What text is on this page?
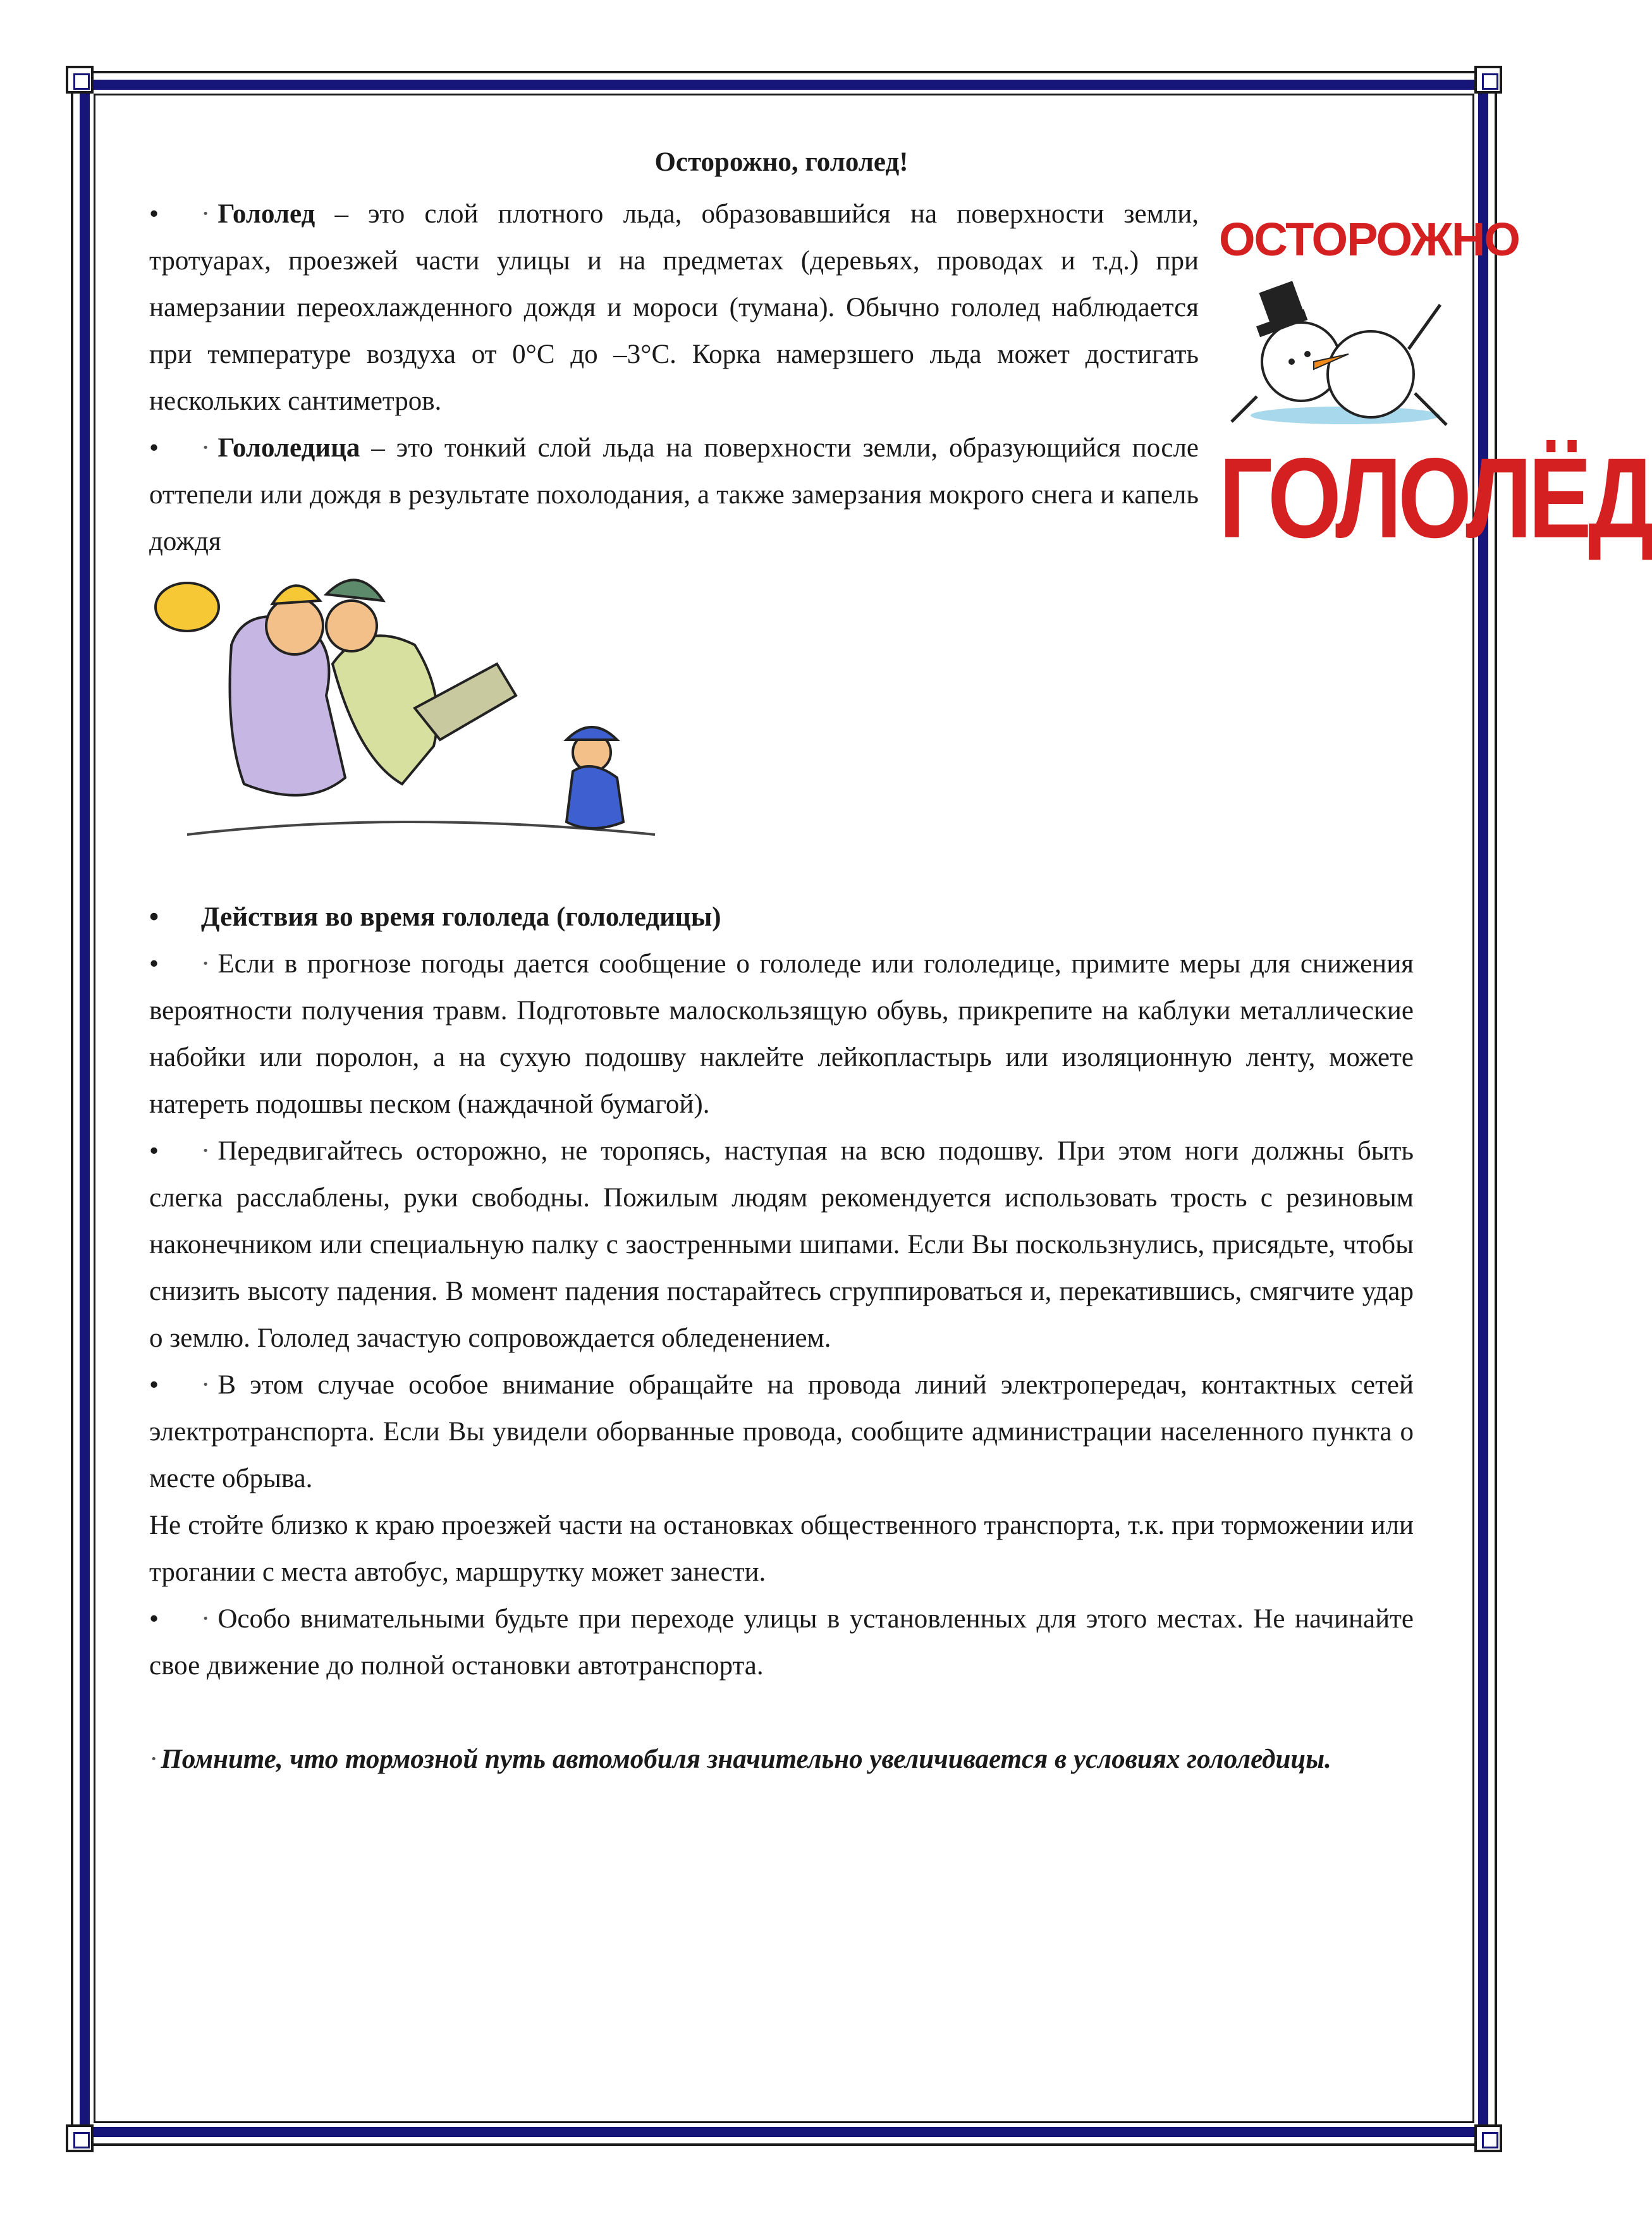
ОСТОРОЖНО
ГОЛОЛЁД

Осторожно, гололед!

• · Гололед – это слой плотного льда, образовавшийся на поверхности земли, тротуарах, проезжей части улицы и на предметах (деревьях, проводах и т.д.) при намерзании переохлажденного дождя и мороси (тумана). Обычно гололед наблюдается при температуре воздуха от 0°С до –3°С. Корка намерзшего льда может достигать нескольких сантиметров.

• · Гололедица – это тонкий слой льда на поверхности земли, образующийся после оттепели или дождя в результате похолодания, а также замерзания мокрого снега и капель дождя

• Действия во время гололеда (гололедицы)

• · Если в прогнозе погоды дается сообщение о гололеде или гололедице, примите меры для снижения вероятности получения травм. Подготовьте малоскользящую обувь, прикрепите на каблуки металлические набойки или поролон, а на сухую подошву наклейте лейкопластырь или изоляционную ленту, можете натереть подошвы песком (наждачной бумагой).

• · Передвигайтесь осторожно, не торопясь, наступая на всю подошву. При этом ноги должны быть слегка расслаблены, руки свободны. Пожилым людям рекомендуется использовать трость с резиновым наконечником или специальную палку с заостренными шипами. Если Вы поскользнулись, присядьте, чтобы снизить высоту падения. В момент падения постарайтесь сгруппироваться и, перекатившись, смягчите удар о землю. Гололед зачастую сопровождается обледенением.

• · В этом случае особое внимание обращайте на провода линий электропередач, контактных сетей электротранспорта. Если Вы увидели оборванные провода, сообщите администрации населенного пункта о месте обрыва.

Не стойте близко к краю проезжей части на остановках общественного транспорта, т.к. при торможении или трогании с места автобус, маршрутку может занести.

• · Особо внимательными будьте при переходе улицы в установленных для этого местах. Не начинайте свое движение до полной остановки автотранспорта.

·Помните, что тормозной путь автомобиля значительно увеличивается в условиях гололедицы.
